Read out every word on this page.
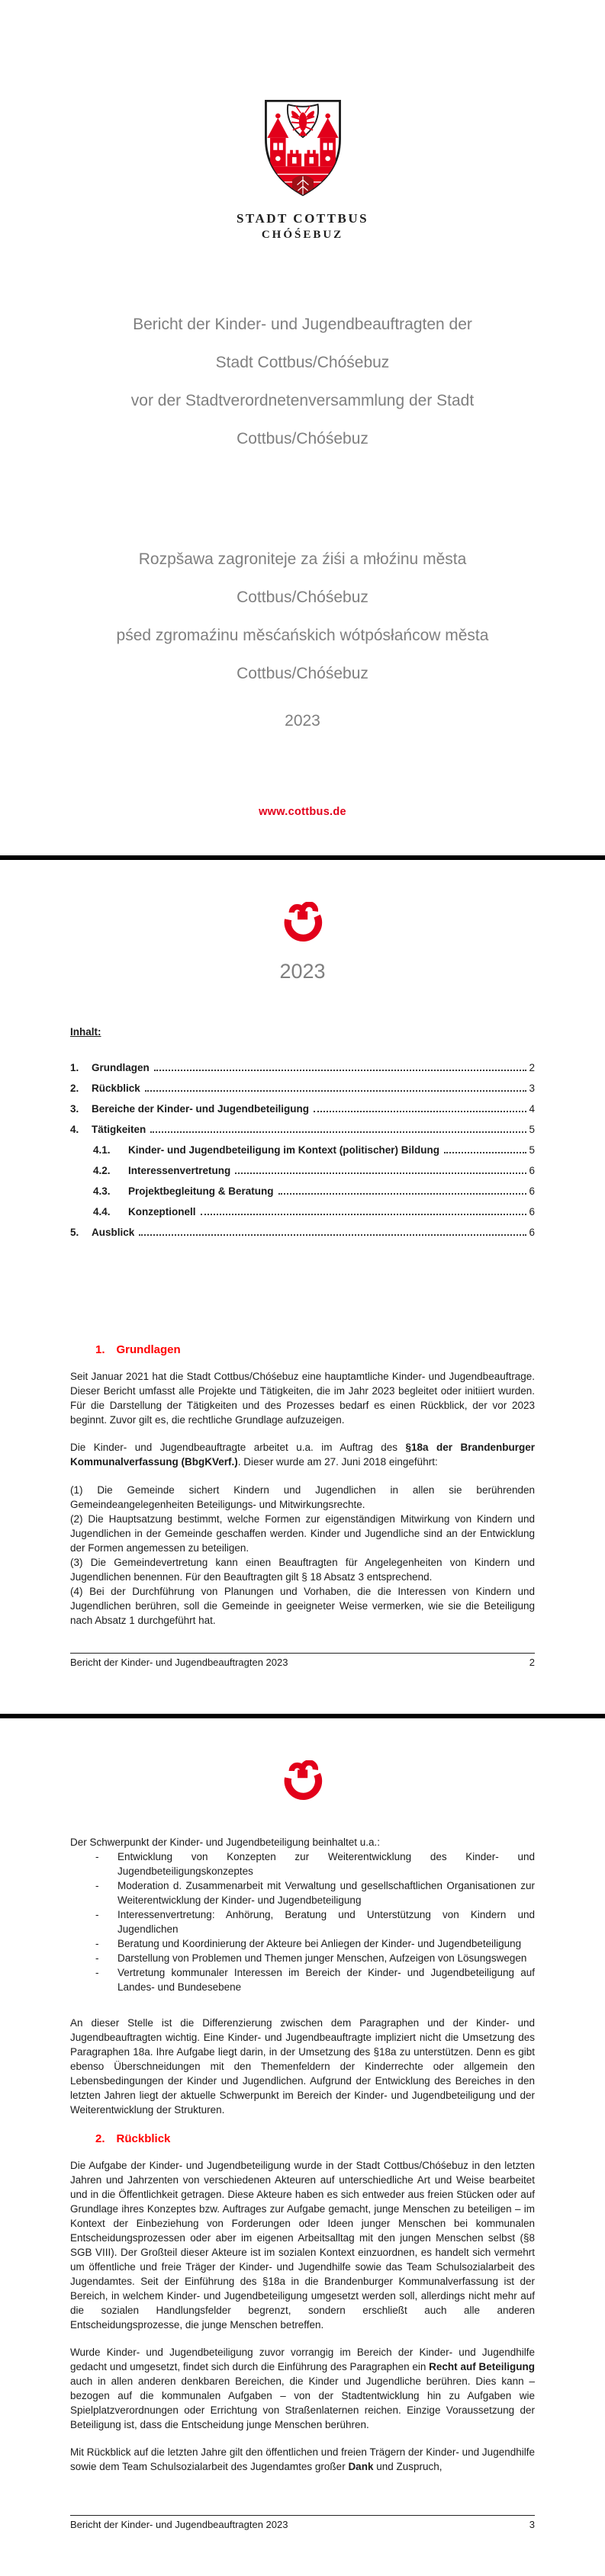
STADT COTTBUS
CHÓŚEBUZ
Bericht der Kinder- und Jugendbeauftragten der
Stadt Cottbus/Chóśebuz
vor der Stadtverordnetenversammlung der Stadt
Cottbus/Chóśebuz
Rozpšawa zagroniteje za źiśi a młoźinu města
Cottbus/Chóśebuz
pśed zgromaźinu měsćańskich wótpósłańcow města
Cottbus/Chóśebuz
2023
www.cottbus.de
2023
Inhalt:
1.	Grundlagen	2
2.	Rückblick	3
3.	Bereiche der Kinder- und Jugendbeteiligung	4
4.	Tätigkeiten	5
4.1.	Kinder- und Jugendbeteiligung im Kontext (politischer) Bildung	5
4.2.	Interessenvertretung	6
4.3.	Projektbegleitung & Beratung	6
4.4.	Konzeptionell	6
5.	Ausblick	6
1. Grundlagen

Seit Januar 2021 hat die Stadt Cottbus/Chóśebuz eine hauptamtliche Kinder- und Jugendbeauftrage. Dieser Bericht umfasst alle Projekte und Tätigkeiten, die im Jahr 2023 begleitet oder initiiert wurden. Für die Darstellung der Tätigkeiten und des Prozesses bedarf es einen Rückblick, der vor 2023 beginnt. Zuvor gilt es, die rechtliche Grundlage aufzuzeigen.

Die Kinder- und Jugendbeauftragte arbeitet u.a. im Auftrag des §18a der Brandenburger Kommunalverfassung (BbgKVerf.). Dieser wurde am 27. Juni 2018 eingeführt:

(1) Die Gemeinde sichert Kindern und Jugendlichen in allen sie berührenden Gemeindeangelegenheiten Beteiligungs- und Mitwirkungsrechte.

(2) Die Hauptsatzung bestimmt, welche Formen zur eigenständigen Mitwirkung von Kindern und Jugendlichen in der Gemeinde geschaffen werden. Kinder und Jugendliche sind an der Entwicklung der Formen angemessen zu beteiligen.

(3) Die Gemeindevertretung kann einen Beauftragten für Angelegenheiten von Kindern und Jugendlichen benennen. Für den Beauftragten gilt § 18 Absatz 3 entsprechend.

(4) Bei der Durchführung von Planungen und Vorhaben, die die Interessen von Kindern und Jugendlichen berühren, soll die Gemeinde in geeigneter Weise vermerken, wie sie die Beteiligung nach Absatz 1 durchgeführt hat.

Bericht der Kinder- und Jugendbeauftragten 2023	2

Der Schwerpunkt der Kinder- und Jugendbeteiligung beinhaltet u.a.:

-	Entwicklung von Konzepten zur Weiterentwicklung des Kinder- und Jugendbeteiligungskonzeptes
-	Moderation d. Zusammenarbeit mit Verwaltung und gesellschaftlichen Organisationen zur Weiterentwicklung der Kinder- und Jugendbeteiligung
-	Interessenvertretung: Anhörung, Beratung und Unterstützung von Kindern und Jugendlichen
-	Beratung und Koordinierung der Akteure bei Anliegen der Kinder- und Jugendbeteiligung
-	Darstellung von Problemen und Themen junger Menschen, Aufzeigen von Lösungswegen
-	Vertretung kommunaler Interessen im Bereich der Kinder- und Jugendbeteiligung auf Landes- und Bundesebene

An dieser Stelle ist die Differenzierung zwischen dem Paragraphen und der Kinder- und Jugendbeauftragten wichtig. Eine Kinder- und Jugendbeauftragte impliziert nicht die Umsetzung des Paragraphen 18a. Ihre Aufgabe liegt darin, in der Umsetzung des §18a zu unterstützen. Denn es gibt ebenso Überschneidungen mit den Themenfeldern der Kinderrechte oder allgemein den Lebensbedingungen der Kinder und Jugendlichen. Aufgrund der Entwicklung des Bereiches in den letzten Jahren liegt der aktuelle Schwerpunkt im Bereich der Kinder- und Jugendbeteiligung und der Weiterentwicklung der Strukturen.

2. Rückblick

Die Aufgabe der Kinder- und Jugendbeteiligung wurde in der Stadt Cottbus/Chóśebuz in den letzten Jahren und Jahrzenten von verschiedenen Akteuren auf unterschiedliche Art und Weise bearbeitet und in die Öffentlichkeit getragen. Diese Akteure haben es sich entweder aus freien Stücken oder auf Grundlage ihres Konzeptes bzw. Auftrages zur Aufgabe gemacht, junge Menschen zu beteiligen – im Kontext der Einbeziehung von Forderungen oder Ideen junger Menschen bei kommunalen Entscheidungsprozessen oder aber im eigenen Arbeitsalltag mit den jungen Menschen selbst (§8 SGB VIII). Der Großteil dieser Akteure ist im sozialen Kontext einzuordnen, es handelt sich vermehrt um öffentliche und freie Träger der Kinder- und Jugendhilfe sowie das Team Schulsozialarbeit des Jugendamtes. Seit der Einführung des §18a in die Brandenburger Kommunalverfassung ist der Bereich, in welchem Kinder- und Jugendbeteiligung umgesetzt werden soll, allerdings nicht mehr auf die sozialen Handlungsfelder begrenzt, sondern erschließt auch alle anderen Entscheidungsprozesse, die junge Menschen betreffen.

Wurde Kinder- und Jugendbeteiligung zuvor vorrangig im Bereich der Kinder- und Jugendhilfe gedacht und umgesetzt, findet sich durch die Einführung des Paragraphen ein Recht auf Beteiligung auch in allen anderen denkbaren Bereichen, die Kinder und Jugendliche berühren. Dies kann – bezogen auf die kommunalen Aufgaben – von der Stadtentwicklung hin zu Aufgaben wie Spielplatzverordnungen oder Errichtung von Straßenlaternen reichen. Einzige Voraussetzung der Beteiligung ist, dass die Entscheidung junge Menschen berühren.

Mit Rückblick auf die letzten Jahre gilt den öffentlichen und freien Trägern der Kinder- und Jugendhilfe sowie dem Team Schulsozialarbeit des Jugendamtes großer Dank und Zuspruch,

Bericht der Kinder- und Jugendbeauftragten 2023	3
